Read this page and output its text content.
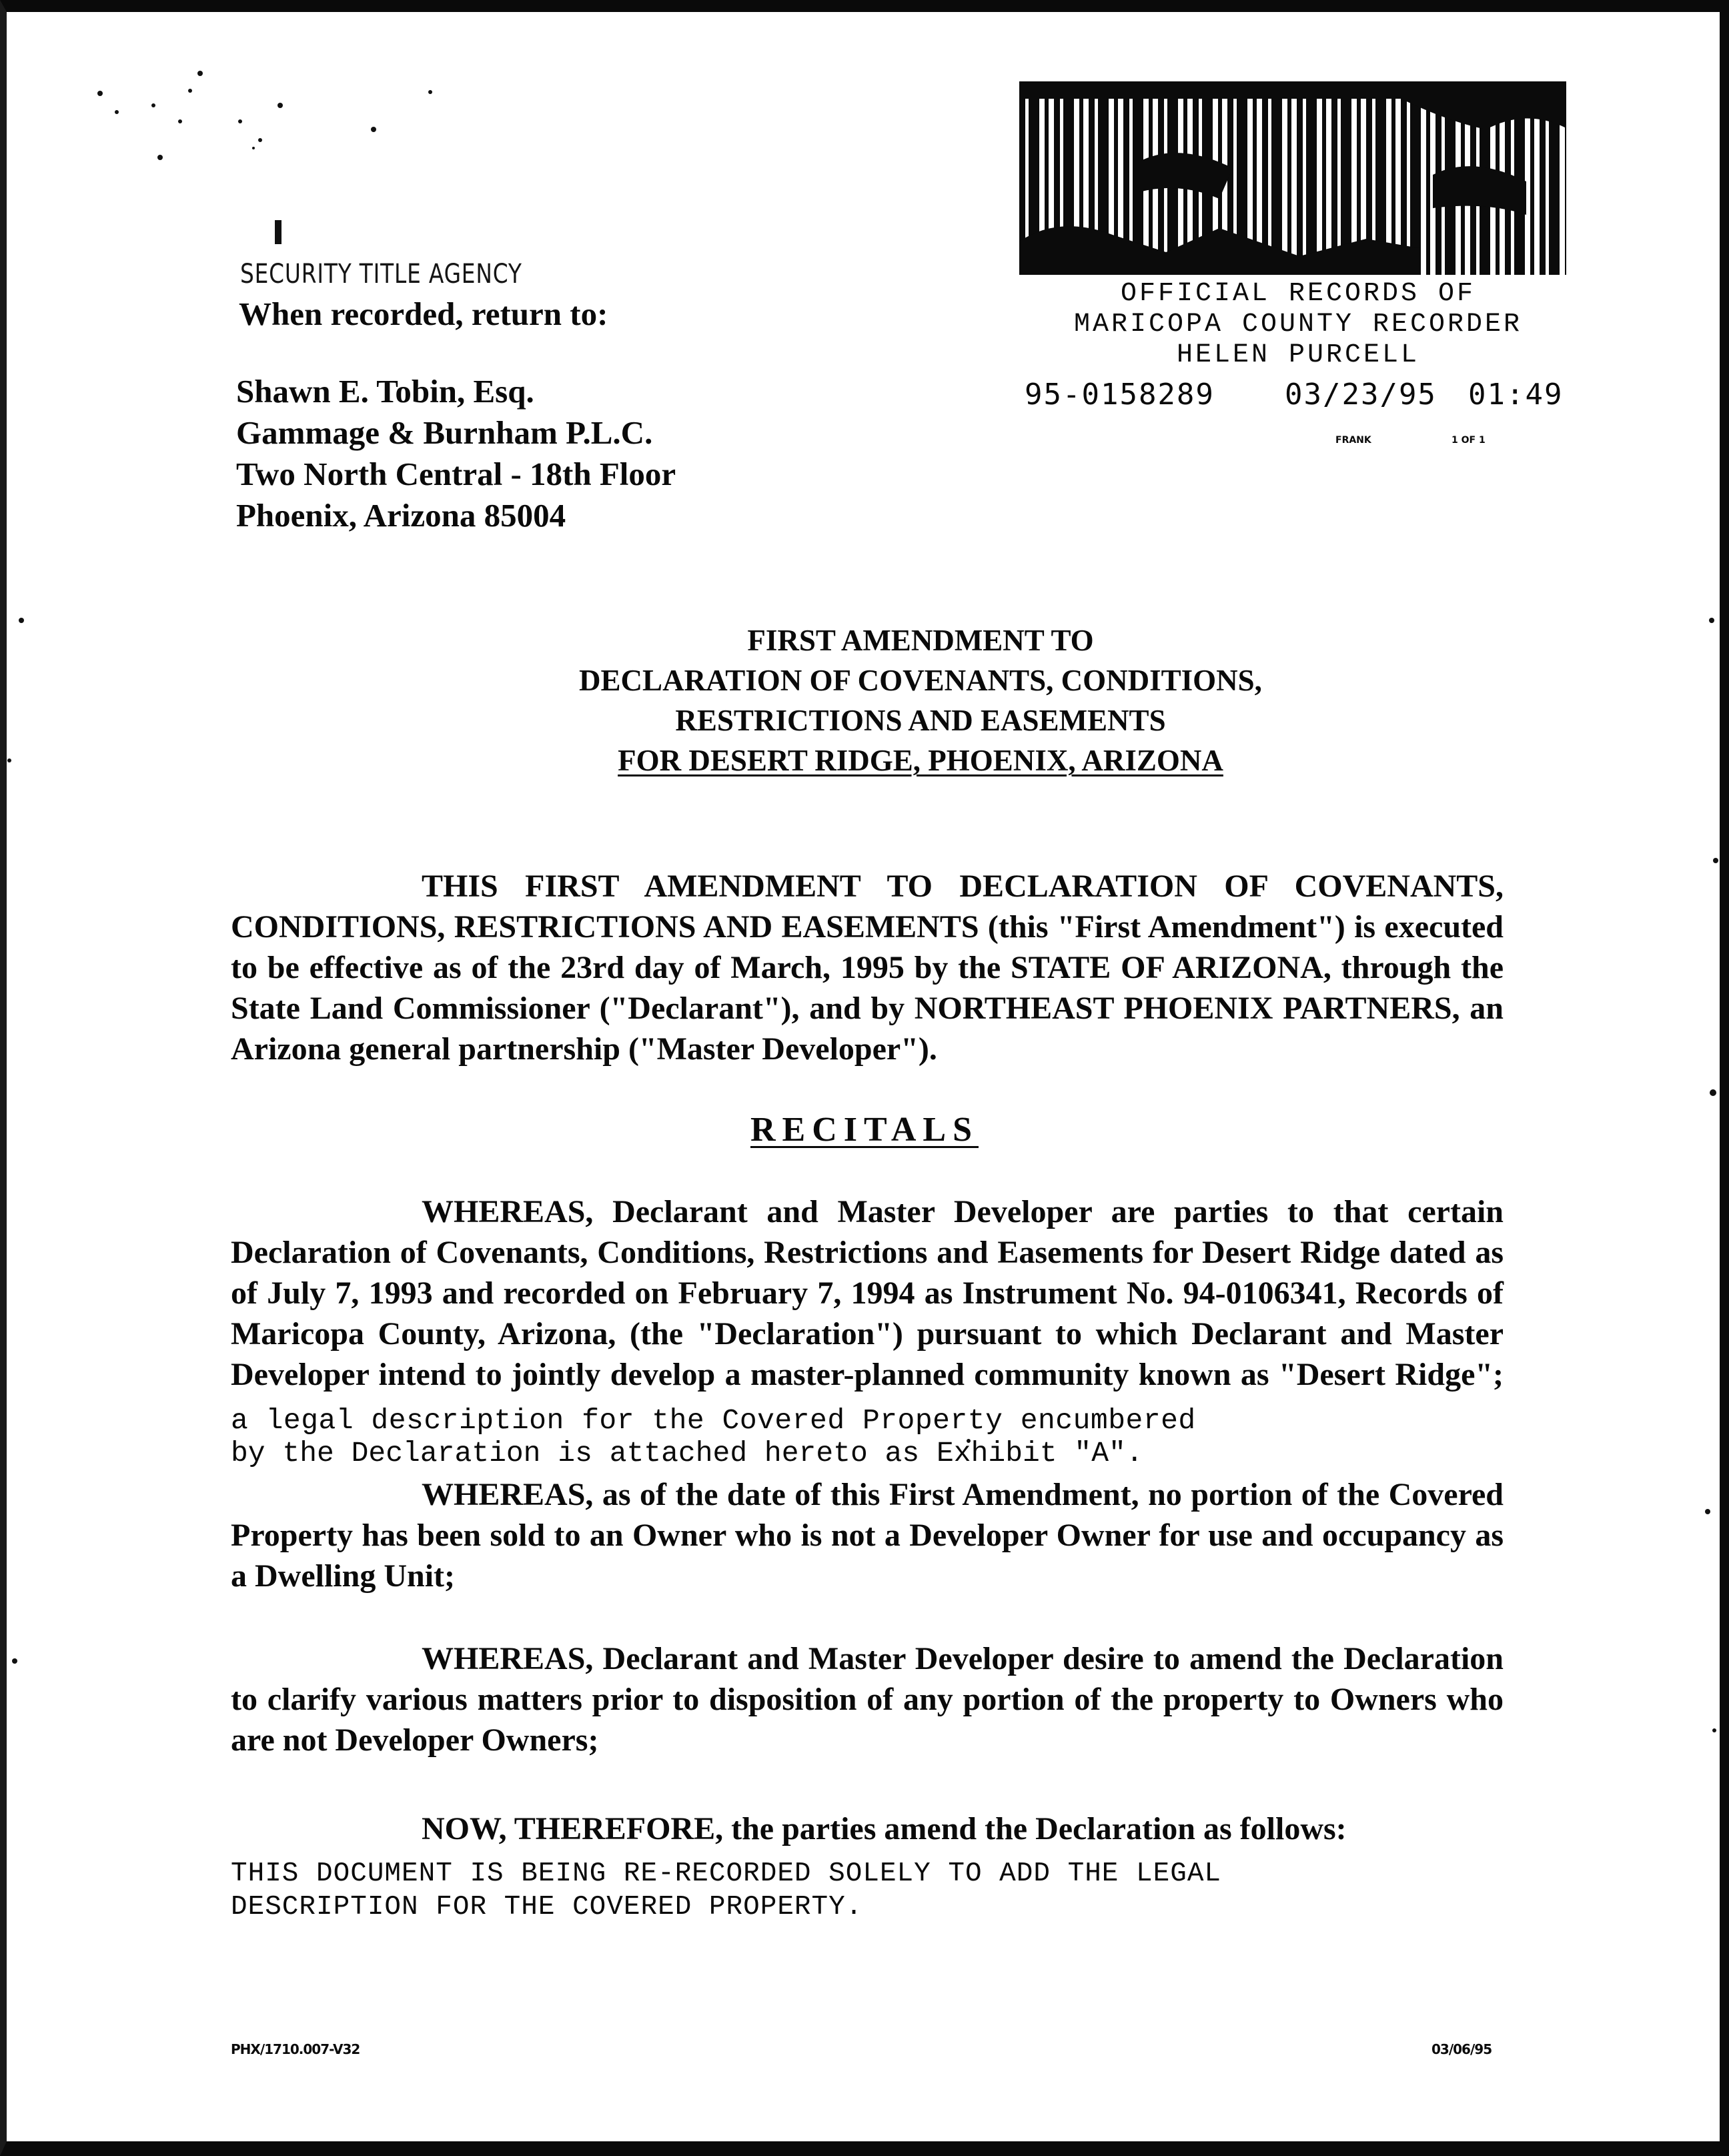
SECURITY TITLE AGENCY
When recorded, return to:
Shawn E. Tobin, Esq.
Gammage & Burnham P.L.C.
Two North Central - 18th Floor
Phoenix, Arizona 85004
OFFICIAL RECORDS OF
MARICOPA COUNTY RECORDER
HELEN PURCELL
95-0158289 03/23/95 01:49
FRANK	1 OF 1
FIRST AMENDMENT TO
DECLARATION OF COVENANTS, CONDITIONS,
RESTRICTIONS AND EASEMENTS
FOR DESERT RIDGE, PHOENIX, ARIZONA
THIS FIRST AMENDMENT TO DECLARATION OF COVENANTS, CONDITIONS, RESTRICTIONS AND EASEMENTS (this "First Amendment") is executed to be effective as of the 23rd day of March, 1995 by the STATE OF ARIZONA, through the State Land Commissioner ("Declarant"), and by NORTHEAST PHOENIX PARTNERS, an Arizona general partnership ("Master Developer").
RECITALS
WHEREAS, Declarant and Master Developer are parties to that certain Declaration of Covenants, Conditions, Restrictions and Easements for Desert Ridge dated as of July 7, 1993 and recorded on February 7, 1994 as Instrument No. 94-0106341, Records of Maricopa County, Arizona, (the "Declaration") pursuant to which Declarant and Master Developer intend to jointly develop a master-planned community known as "Desert Ridge"; a legal description for the Covered Property encumbered
by the Declaration is attached hereto as Exhibit "A".
WHEREAS, as of the date of this First Amendment, no portion of the Covered Property has been sold to an Owner who is not a Developer Owner for use and occupancy as a Dwelling Unit;
WHEREAS, Declarant and Master Developer desire to amend the Declaration to clarify various matters prior to disposition of any portion of the property to Owners who are not Developer Owners;
NOW, THEREFORE, the parties amend the Declaration as follows:
THIS DOCUMENT IS BEING RE-RECORDED SOLELY TO ADD THE LEGAL
DESCRIPTION FOR THE COVERED PROPERTY.
PHX/1710.007-V32	03/06/95
